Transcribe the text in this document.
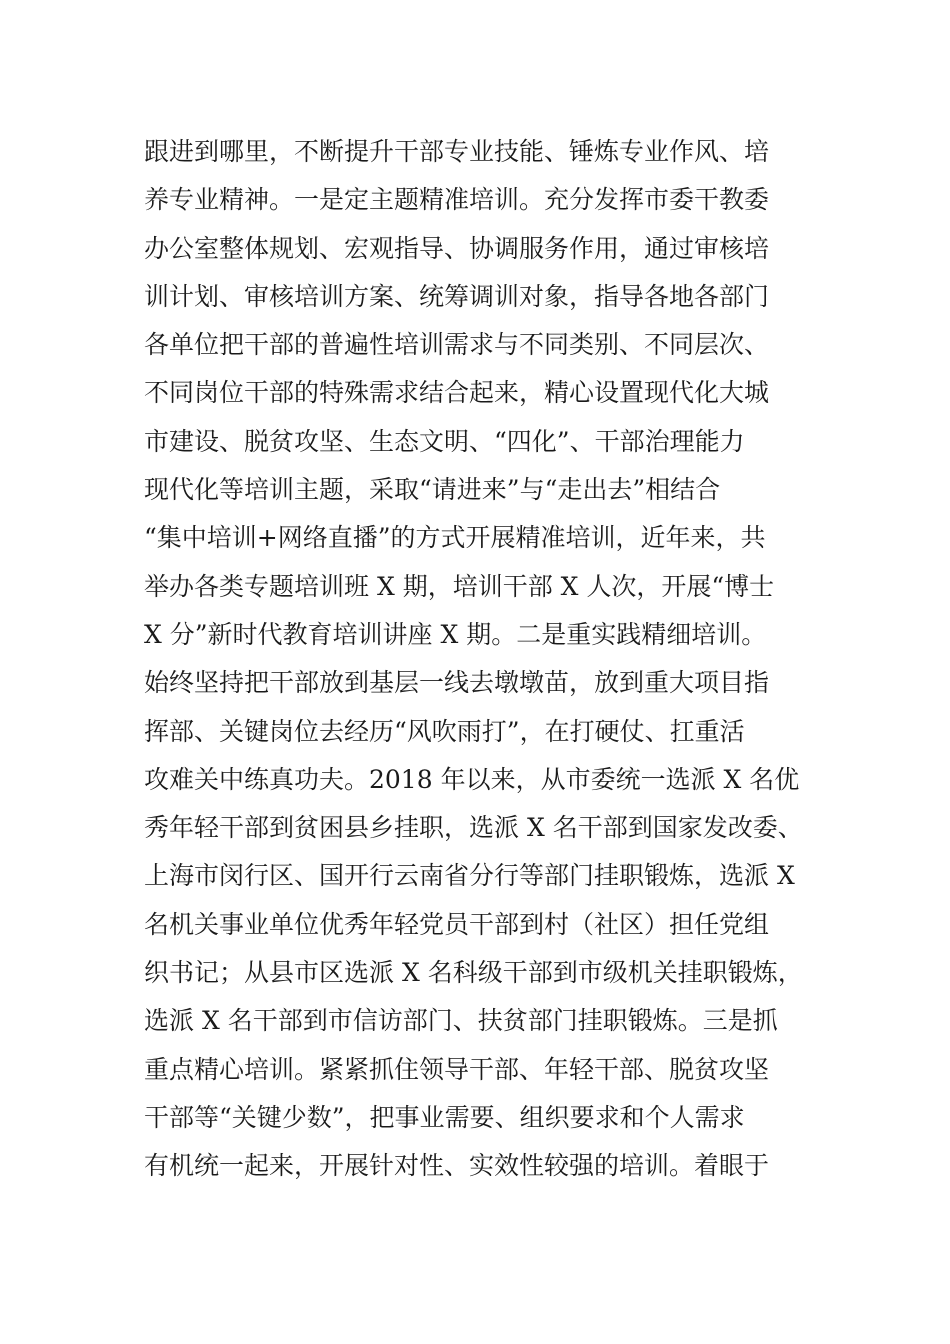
跟进到哪里，不断提升干部专业技能、锤炼专业作风、培
养专业精神。一是定主题精准培训。充分发挥市委干教委
办公室整体规划、宏观指导、协调服务作用，通过审核培
训计划、审核培训方案、统筹调训对象，指导各地各部门
各单位把干部的普遍性培训需求与不同类别、不同层次、
不同岗位干部的特殊需求结合起来，精心设置现代化大城
市建设、脱贫攻坚、生态文明、“四化”、干部治理能力
现代化等培训主题，采取“请进来”与“走出去”相结合
“集中培训+网络直播”的方式开展精准培训，近年来，共
举办各类专题培训班 X 期，培训干部 X 人次，开展“博士
X 分”新时代教育培训讲座 X 期。二是重实践精细培训。
始终坚持把干部放到基层一线去墩墩苗，放到重大项目指
挥部、关键岗位去经历“风吹雨打”，在打硬仗、扛重活
攻难关中练真功夫。2018 年以来，从市委统一选派 X 名优
秀年轻干部到贫困县乡挂职，选派 X 名干部到国家发改委、
上海市闵行区、国开行云南省分行等部门挂职锻炼，选派 X
名机关事业单位优秀年轻党员干部到村（社区）担任党组
织书记；从县市区选派 X 名科级干部到市级机关挂职锻炼，
选派 X 名干部到市信访部门、扶贫部门挂职锻炼。三是抓
重点精心培训。紧紧抓住领导干部、年轻干部、脱贫攻坚
干部等“关键少数”，把事业需要、组织要求和个人需求
有机统一起来，开展针对性、实效性较强的培训。着眼于
